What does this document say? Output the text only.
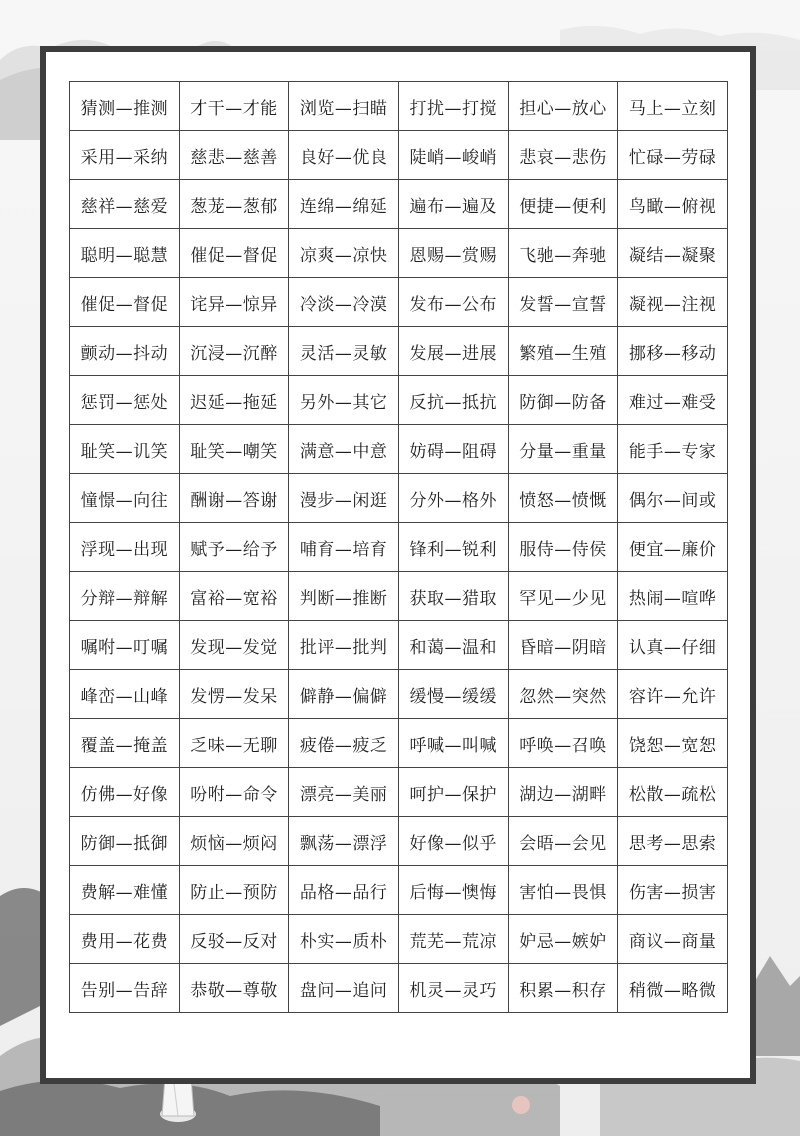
猜测—推测	才干—才能	浏览—扫瞄	打扰—打搅	担心—放心	马上—立刻
采用—采纳	慈悲—慈善	良好—优良	陡峭—峻峭	悲哀—悲伤	忙碌—劳碌
慈祥—慈爱	葱茏—葱郁	连绵—绵延	遍布—遍及	便捷—便利	鸟瞰—俯视
聪明—聪慧	催促—督促	凉爽—凉快	恩赐—赏赐	飞驰—奔驰	凝结—凝聚
催促—督促	诧异—惊异	冷淡—冷漠	发布—公布	发誓—宣誓	凝视—注视
颤动—抖动	沉浸—沉醉	灵活—灵敏	发展—进展	繁殖—生殖	挪移—移动
惩罚—惩处	迟延—拖延	另外—其它	反抗—抵抗	防御—防备	难过—难受
耻笑—讥笑	耻笑—嘲笑	满意—中意	妨碍—阻碍	分量—重量	能手—专家
憧憬—向往	酬谢—答谢	漫步—闲逛	分外—格外	愤怒—愤慨	偶尔—间或
浮现—出现	赋予—给予	哺育—培育	锋利—锐利	服侍—侍侯	便宜—廉价
分辩—辩解	富裕—宽裕	判断—推断	获取—猎取	罕见—少见	热闹—喧哗
嘱咐—叮嘱	发现—发觉	批评—批判	和蔼—温和	昏暗—阴暗	认真—仔细
峰峦—山峰	发愣—发呆	僻静—偏僻	缓慢—缓缓	忽然—突然	容许—允许
覆盖—掩盖	乏味—无聊	疲倦—疲乏	呼喊—叫喊	呼唤—召唤	饶恕—宽恕
仿佛—好像	吩咐—命令	漂亮—美丽	呵护—保护	湖边—湖畔	松散—疏松
防御—抵御	烦恼—烦闷	飘荡—漂浮	好像—似乎	会晤—会见	思考—思索
费解—难懂	防止—预防	品格—品行	后悔—懊悔	害怕—畏惧	伤害—损害
费用—花费	反驳—反对	朴实—质朴	荒芜—荒凉	妒忌—嫉妒	商议—商量
告别—告辞	恭敬—尊敬	盘问—追问	机灵—灵巧	积累—积存	稍微—略微
